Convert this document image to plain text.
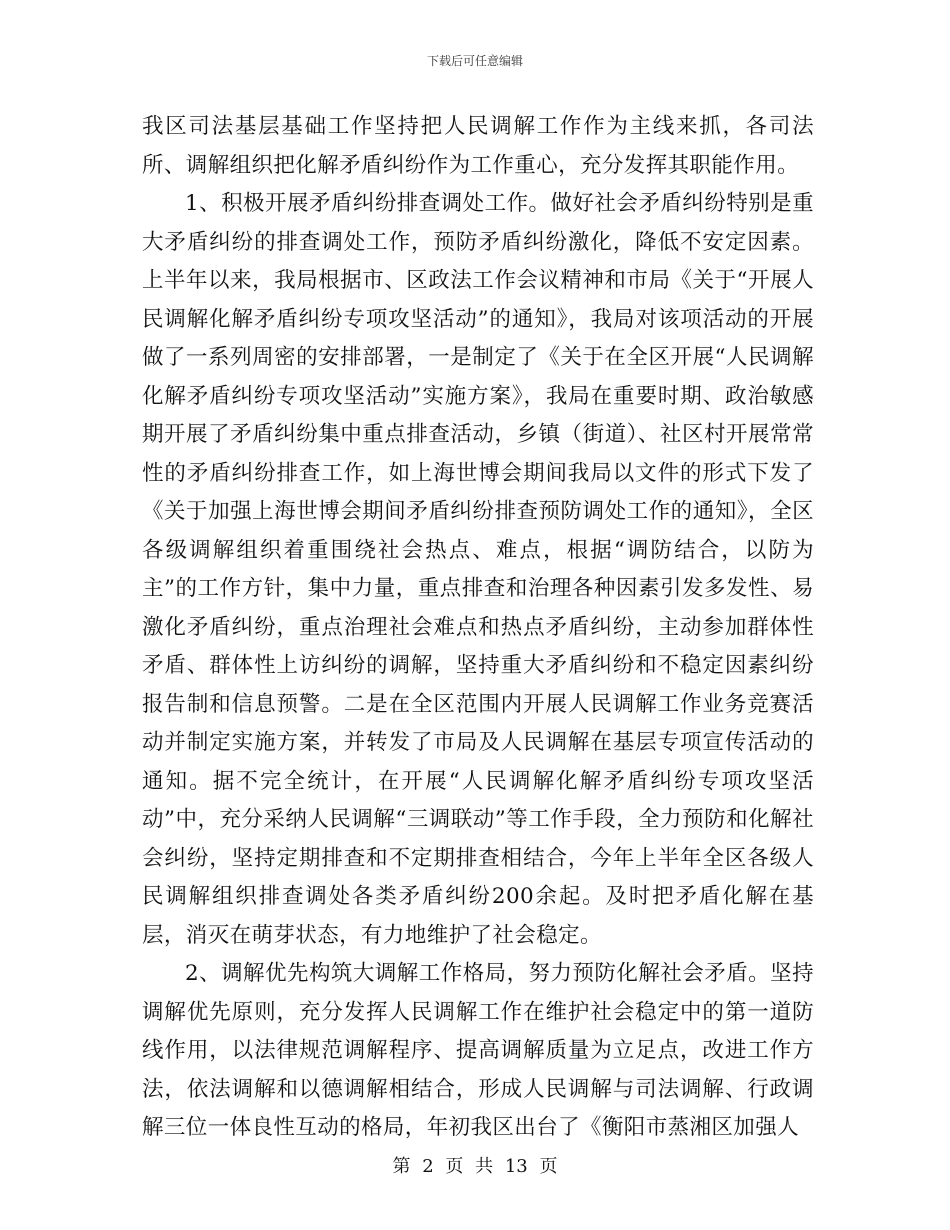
下载后可任意编辑

我区司法基层基础工作坚持把人民调解工作作为主线来抓，各司法所、调解组织把化解矛盾纠纷作为工作重心，充分发挥其职能作用。

1、积极开展矛盾纠纷排查调处工作。做好社会矛盾纠纷特别是重大矛盾纠纷的排查调处工作，预防矛盾纠纷激化，降低不安定因素。上半年以来，我局根据市、区政法工作会议精神和市局《关于“开展人民调解化解矛盾纠纷专项攻坚活动”的通知》，我局对该项活动的开展做了一系列周密的安排部署，一是制定了《关于在全区开展“人民调解化解矛盾纠纷专项攻坚活动”实施方案》，我局在重要时期、政治敏感期开展了矛盾纠纷集中重点排查活动，乡镇（街道）、社区村开展常常性的矛盾纠纷排查工作，如上海世博会期间我局以文件的形式下发了《关于加强上海世博会期间矛盾纠纷排查预防调处工作的通知》，全区各级调解组织着重围绕社会热点、难点，根据“调防结合，以防为主”的工作方针，集中力量，重点排查和治理各种因素引发多发性、易激化矛盾纠纷，重点治理社会难点和热点矛盾纠纷，主动参加群体性矛盾、群体性上访纠纷的调解，坚持重大矛盾纠纷和不稳定因素纠纷报告制和信息预警。二是在全区范围内开展人民调解工作业务竞赛活动并制定实施方案，并转发了市局及人民调解在基层专项宣传活动的通知。据不完全统计，在开展“人民调解化解矛盾纠纷专项攻坚活动”中，充分采纳人民调解“三调联动”等工作手段，全力预防和化解社会纠纷，坚持定期排查和不定期排查相结合，今年上半年全区各级人民调解组织排查调处各类矛盾纠纷200余起。及时把矛盾化解在基层，消灭在萌芽状态，有力地维护了社会稳定。

2、调解优先构筑大调解工作格局，努力预防化解社会矛盾。坚持调解优先原则，充分发挥人民调解工作在维护社会稳定中的第一道防线作用，以法律规范调解程序、提高调解质量为立足点，改进工作方法，依法调解和以德调解相结合，形成人民调解与司法调解、行政调解三位一体良性互动的格局，年初我区出台了《衡阳市蒸湘区加强人

第 2 页 共 13 页
